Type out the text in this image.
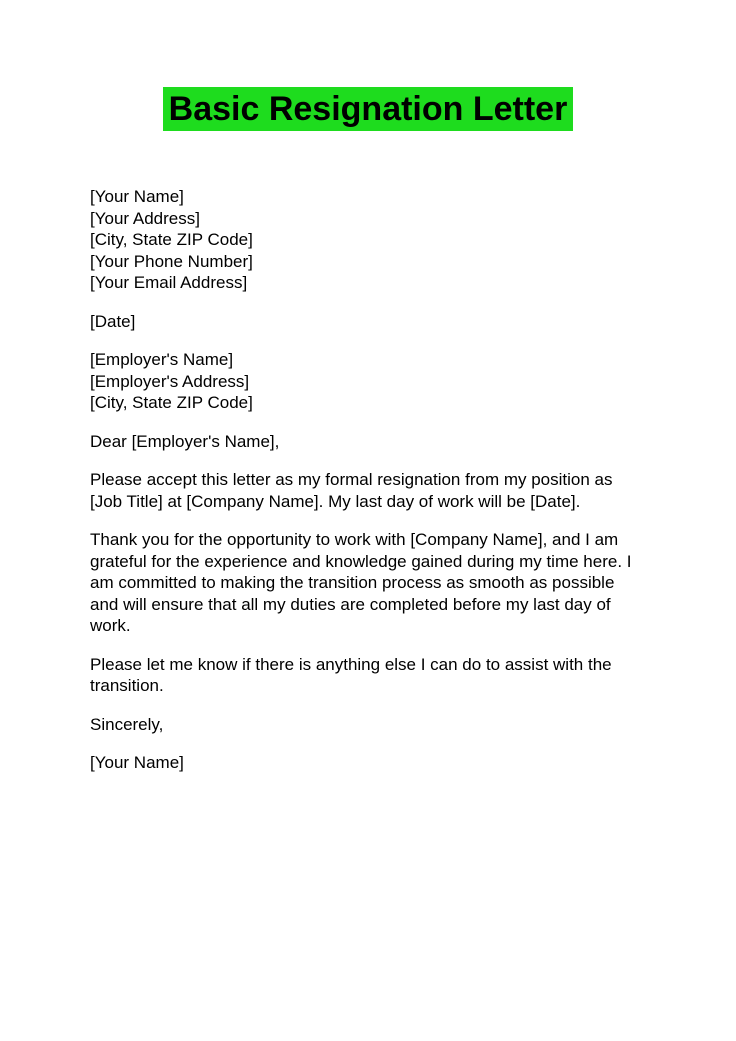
Basic Resignation Letter
[Your Name]
[Your Address]
[City, State ZIP Code]
[Your Phone Number]
[Your Email Address]
[Date]
[Employer's Name]
[Employer's Address]
[City, State ZIP Code]
Dear [Employer's Name],
Please accept this letter as my formal resignation from my position as [Job Title] at [Company Name]. My last day of work will be [Date].
Thank you for the opportunity to work with [Company Name], and I am grateful for the experience and knowledge gained during my time here. I am committed to making the transition process as smooth as possible and will ensure that all my duties are completed before my last day of work.
Please let me know if there is anything else I can do to assist with the transition.
Sincerely,
[Your Name]
